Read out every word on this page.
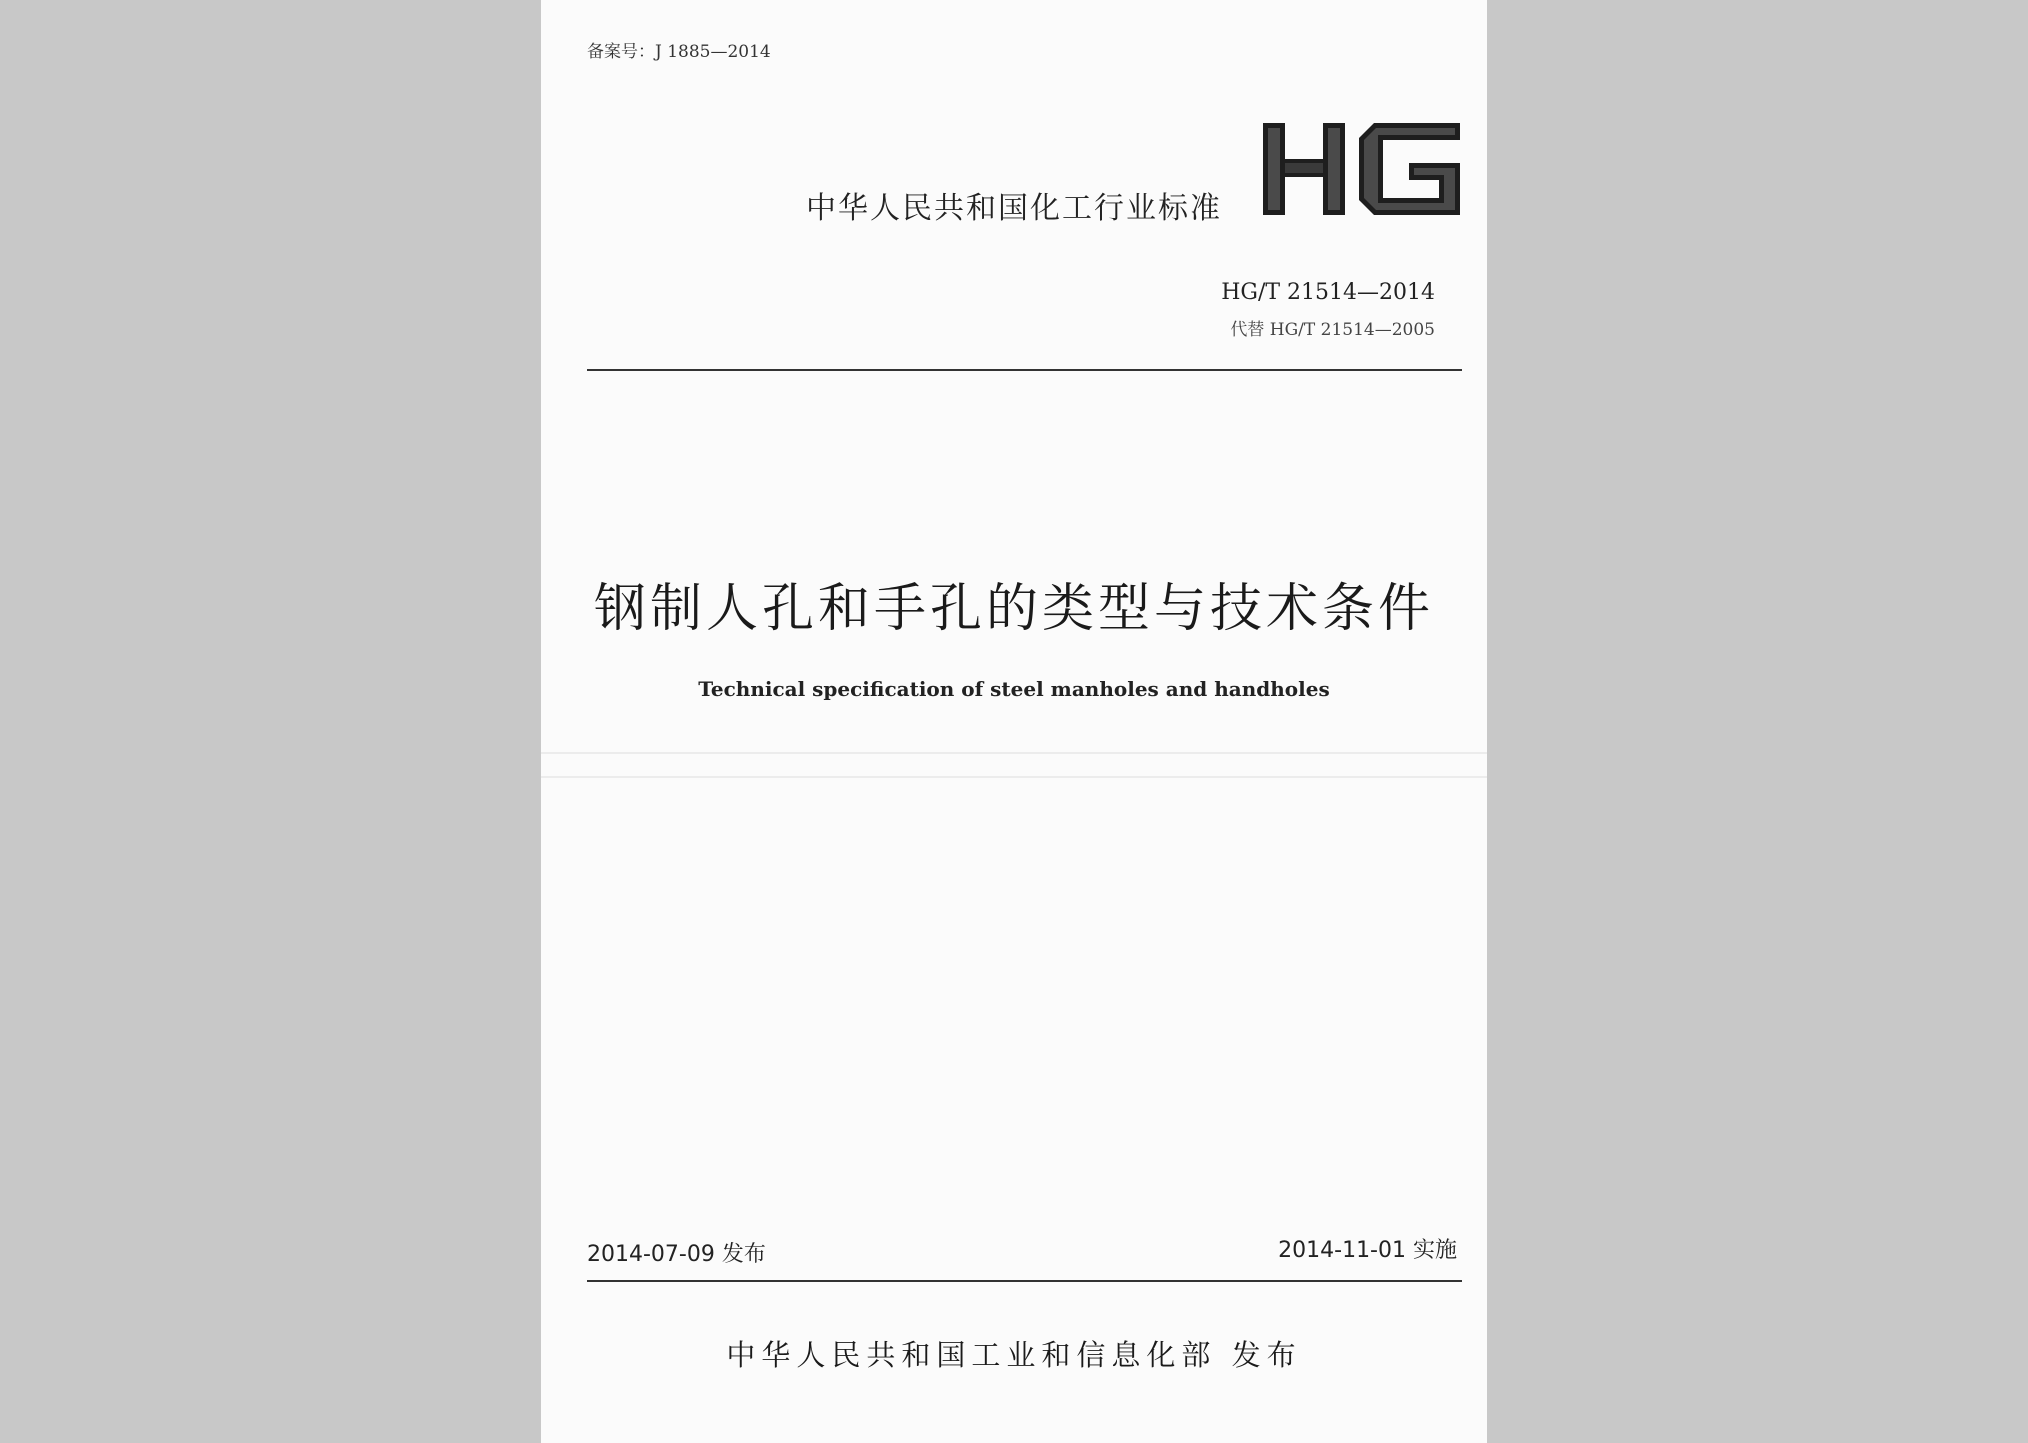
备案号：J 1885—2014
中华人民共和国化工行业标准
HG/T 21514—2014
代替 HG/T 21514—2005
钢制人孔和手孔的类型与技术条件
Technical specification of steel manholes and handholes
2014-07-09 发布	2014-11-01 实施
中华人民共和国工业和信息化部 发布
